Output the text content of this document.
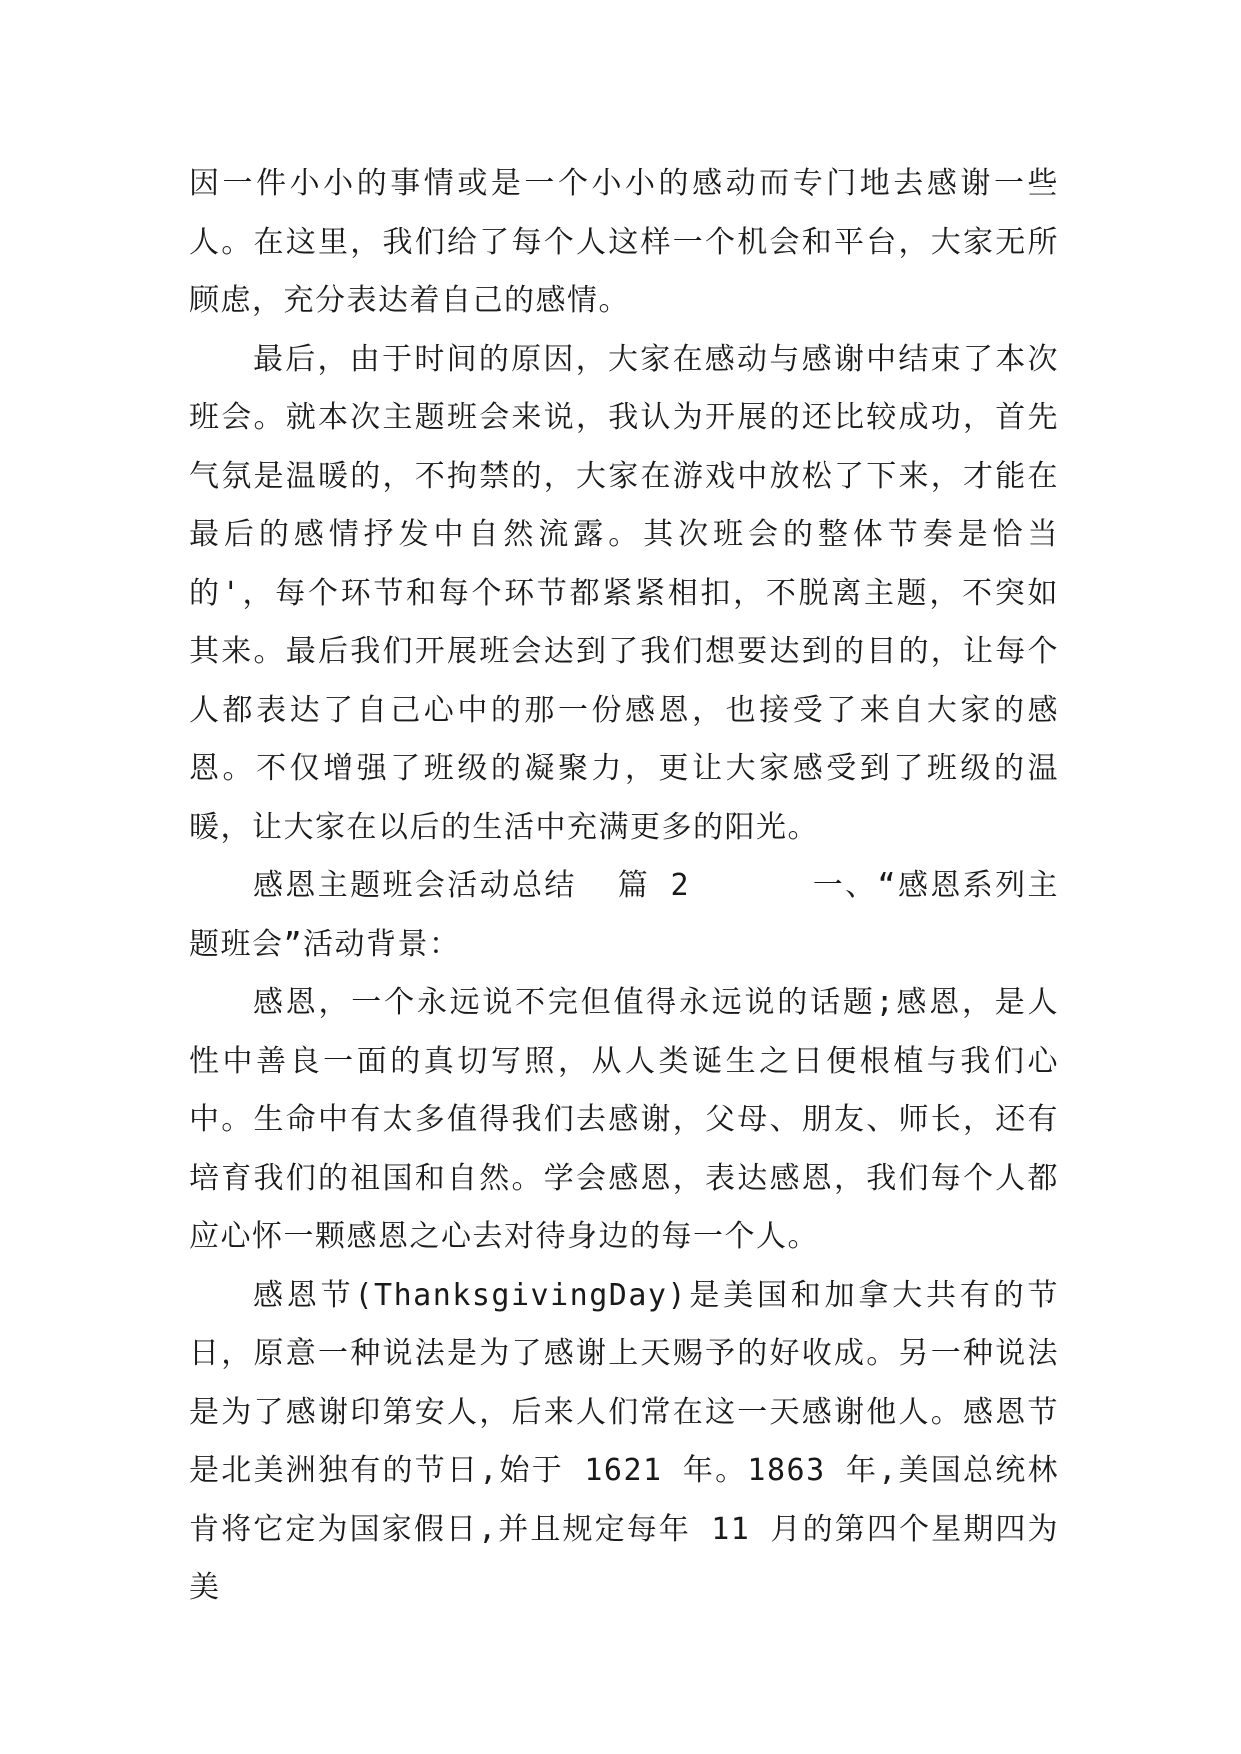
因一件小小的事情或是一个小小的感动而专门地去感谢一些人。在这里，我们给了每个人这样一个机会和平台，大家无所顾虑，充分表达着自己的感情。

最后，由于时间的原因，大家在感动与感谢中结束了本次班会。就本次主题班会来说，我认为开展的还比较成功，首先气氛是温暖的，不拘禁的，大家在游戏中放松了下来，才能在最后的感情抒发中自然流露。其次班会的整体节奏是恰当的'，每个环节和每个环节都紧紧相扣，不脱离主题，不突如其来。最后我们开展班会达到了我们想要达到的目的，让每个人都表达了自己心中的那一份感恩，也接受了来自大家的感恩。不仅增强了班级的凝聚力，更让大家感受到了班级的温暖，让大家在以后的生活中充满更多的阳光。

感恩主题班会活动总结  篇 2      一、“感恩系列主题班会”活动背景：

感恩，一个永远说不完但值得永远说的话题;感恩，是人性中善良一面的真切写照，从人类诞生之日便根植与我们心中。生命中有太多值得我们去感谢，父母、朋友、师长，还有培育我们的祖国和自然。学会感恩，表达感恩，我们每个人都应心怀一颗感恩之心去对待身边的每一个人。

感恩节(ThanksgivingDay)是美国和加拿大共有的节日，原意一种说法是为了感谢上天赐予的好收成。另一种说法是为了感谢印第安人，后来人们常在这一天感谢他人。感恩节是北美洲独有的节日,始于 1621 年。1863 年,美国总统林肯将它定为国家假日,并且规定每年 11 月的第四个星期四为美
